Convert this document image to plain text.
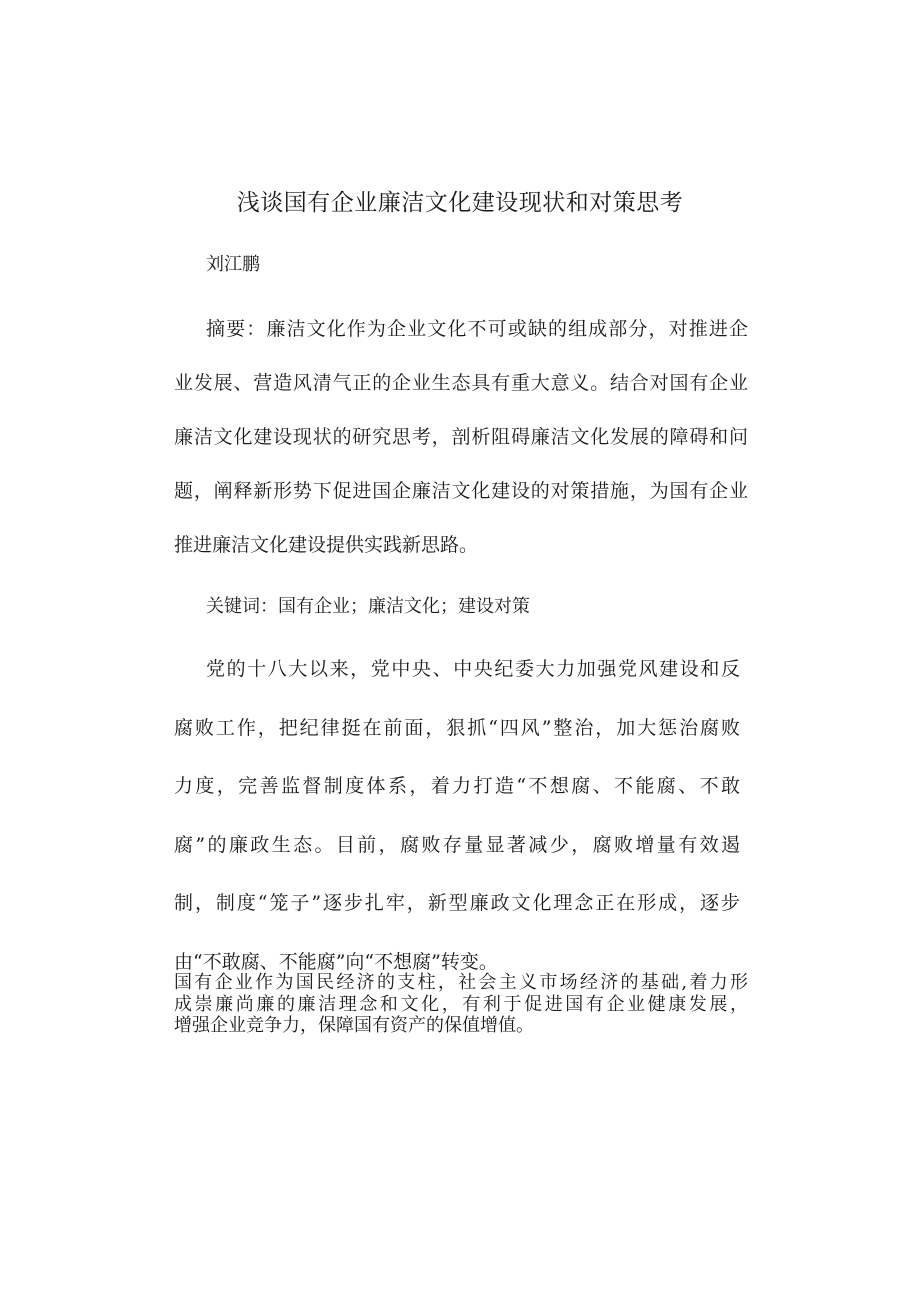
浅谈国有企业廉洁文化建设现状和对策思考

刘江鹏

摘要：廉洁文化作为企业文化不可或缺的组成部分，对推进企
业发展、营造风清气正的企业生态具有重大意义。结合对国有企业
廉洁文化建设现状的研究思考，剖析阻碍廉洁文化发展的障碍和问
题，阐释新形势下促进国企廉洁文化建设的对策措施，为国有企业
推进廉洁文化建设提供实践新思路。

关键词：国有企业；廉洁文化；建设对策

党的十八大以来，党中央、中央纪委大力加强党风建设和反
腐败工作，把纪律挺在前面，狠抓“四风”整治，加大惩治腐败
力度，完善监督制度体系，着力打造“不想腐、不能腐、不敢
腐”的廉政生态。目前，腐败存量显著减少，腐败增量有效遏
制，制度“笼子”逐步扎牢，新型廉政文化理念正在形成，逐步
由“不敢腐、不能腐”向“不想腐”转变。
国有企业作为国民经济的支柱，社会主义市场经济的基础,着力形
成崇廉尚廉的廉洁理念和文化，有利于促进国有企业健康发展，
增强企业竞争力，保障国有资产的保值增值。
